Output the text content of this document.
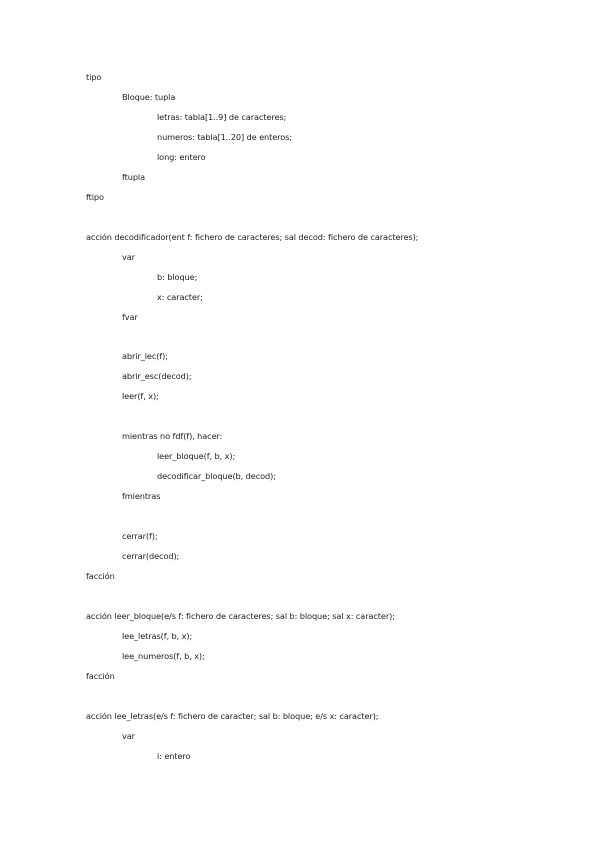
tipo
Bloque: tupla
letras: tabla[1..9] de caracteres;
numeros: tabla[1..20] de enteros;
long: entero
ftupla
ftipo
acción decodificador(ent f: fichero de caracteres; sal decod: fichero de caracteres);
var
b: bloque;
x: caracter;
fvar
abrir_lec(f);
abrir_esc(decod);
leer(f, x);
mientras no fdf(f), hacer:
leer_bloque(f, b, x);
decodificar_bloque(b, decod);
fmientras
cerrar(f);
cerrar(decod);
facción
acción leer_bloque(e/s f: fichero de caracteres; sal b: bloque; sal x: caracter);
lee_letras(f, b, x);
lee_numeros(f, b, x);
facción
acción lee_letras(e/s f: fichero de caracter; sal b: bloque; e/s x: caracter);
var
i: entero
